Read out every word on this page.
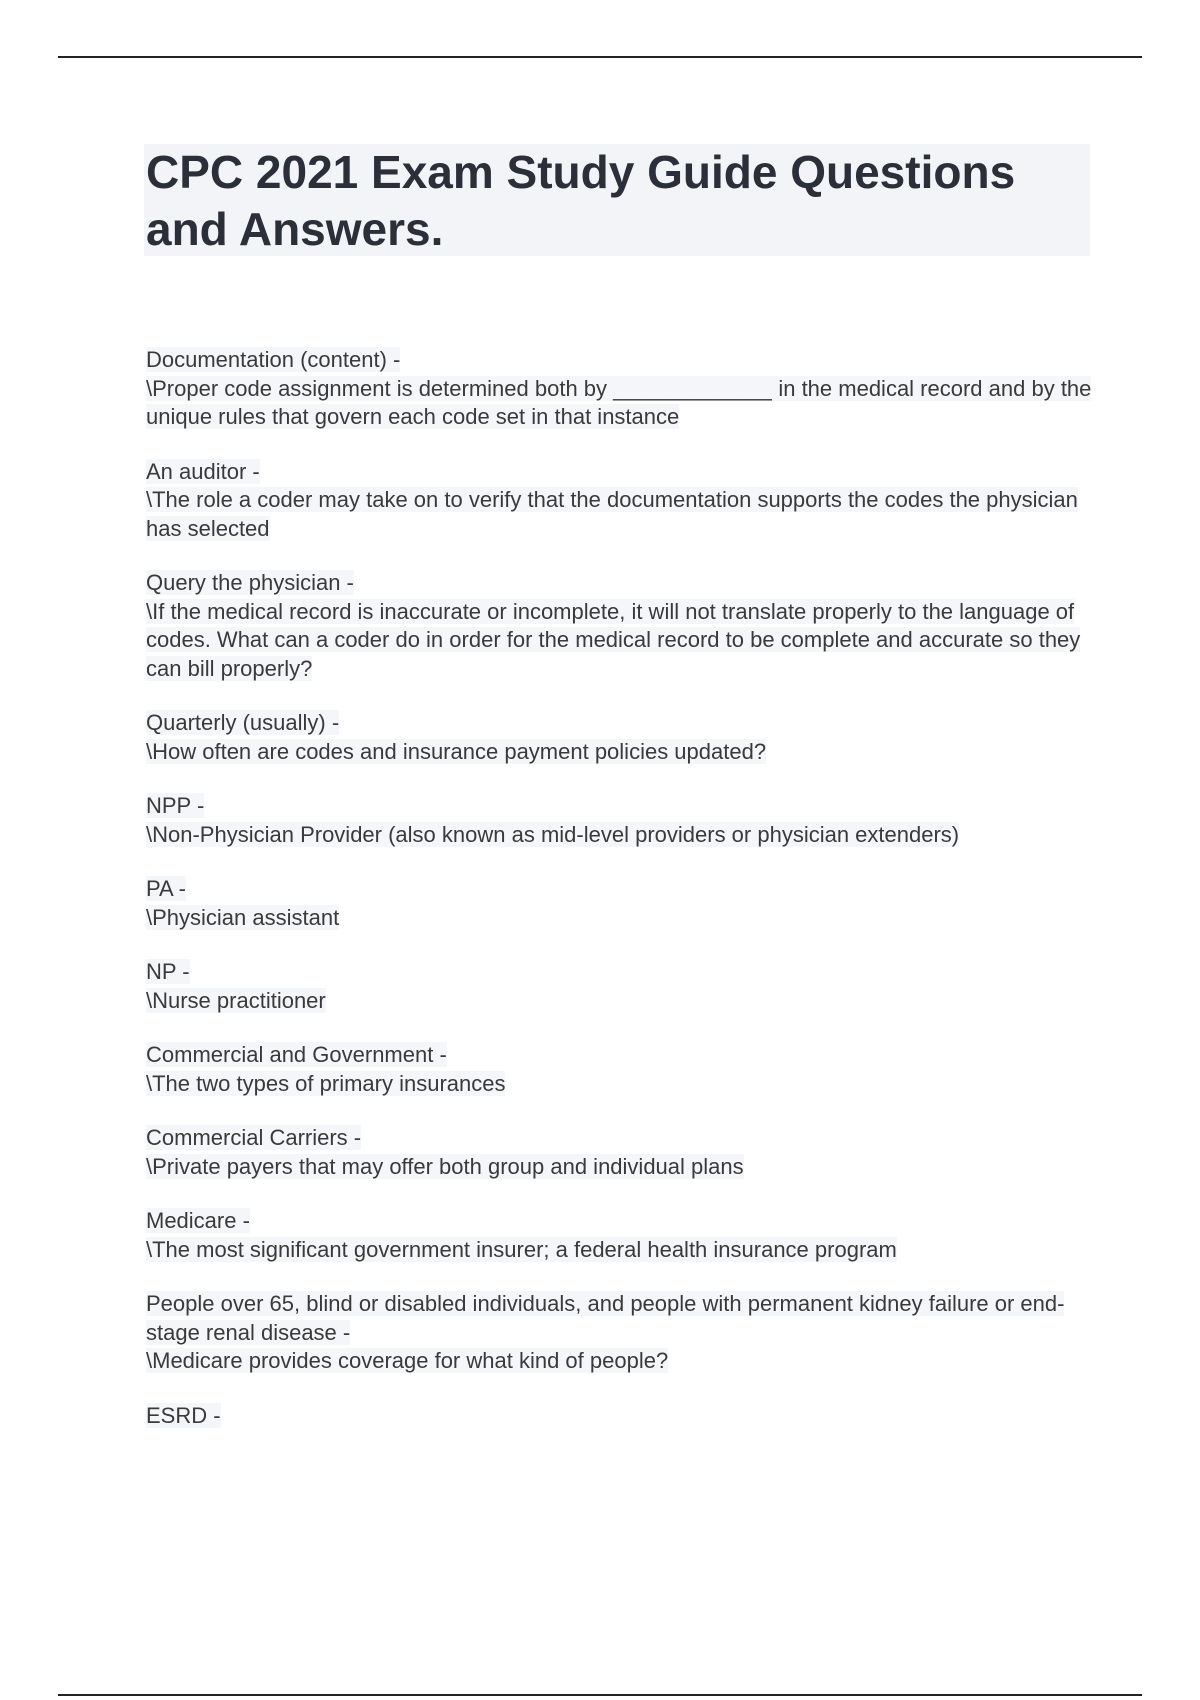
CPC 2021 Exam Study Guide Questions and Answers.
Documentation (content) -
\Proper code assignment is determined both by _____________ in the medical record and by the unique rules that govern each code set in that instance
An auditor -
\The role a coder may take on to verify that the documentation supports the codes the physician has selected
Query the physician -
\If the medical record is inaccurate or incomplete, it will not translate properly to the language of codes. What can a coder do in order for the medical record to be complete and accurate so they can bill properly?
Quarterly (usually) -
\How often are codes and insurance payment policies updated?
NPP -
\Non-Physician Provider (also known as mid-level providers or physician extenders)
PA -
\Physician assistant
NP -
\Nurse practitioner
Commercial and Government -
\The two types of primary insurances
Commercial Carriers -
\Private payers that may offer both group and individual plans
Medicare -
\The most significant government insurer; a federal health insurance program
People over 65, blind or disabled individuals, and people with permanent kidney failure or end-stage renal disease -
\Medicare provides coverage for what kind of people?
ESRD -
